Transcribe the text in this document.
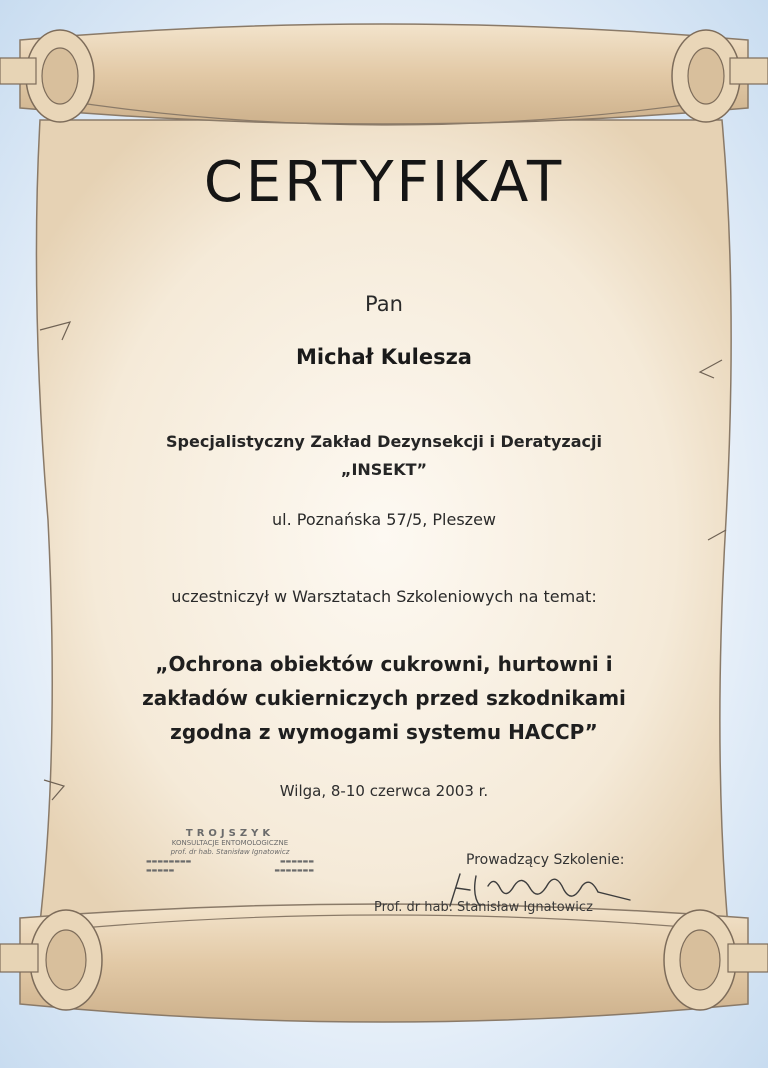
CERTYFIKAT
Pan
Michał Kulesza
Specjalistyczny Zakład Dezynsekcji i Deratyzacji
„INSEKT”
ul. Poznańska 57/5, Pleszew
uczestniczył w Warsztatach Szkoleniowych na temat:
„Ochrona obiektów cukrowni, hurtowni i
zakładów cukierniczych przed szkodnikami
zgodna z wymogami systemu HACCP”
Wilga, 8-10 czerwca 2003 r.
TROJSZYK
KONSULTACJE ENTOMOLOGICZNE
prof. dr hab. Stanisław Ignatowicz
▬▬▬▬▬▬▬▬	▬▬▬▬▬▬
▬▬▬▬▬	▬▬▬▬▬▬▬
Prowadzący Szkolenie:
Prof. dr hab. Stanisław Ignatowicz
